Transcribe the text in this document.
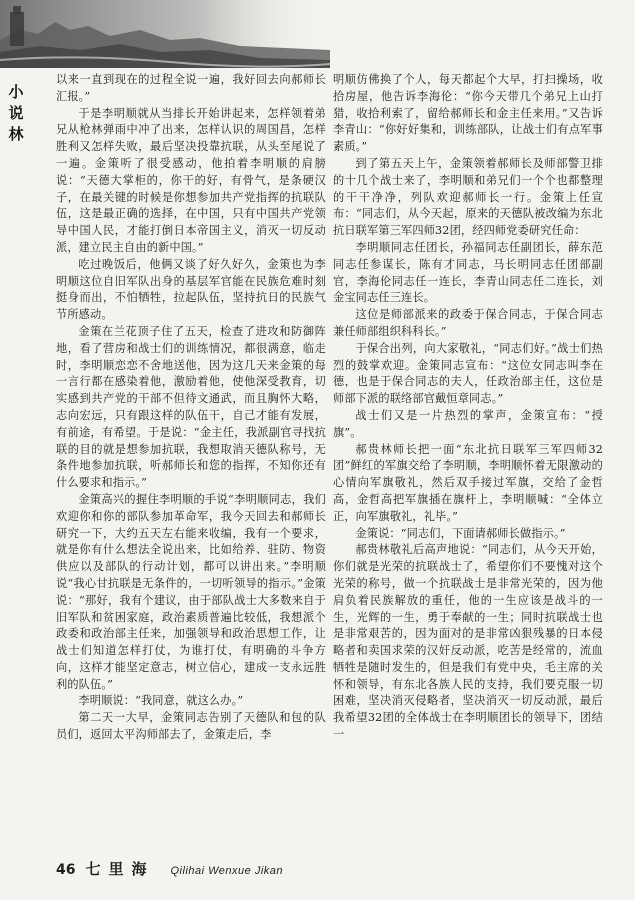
小
说
林

以来一直到现在的过程全说一遍，我好回去向郝师长汇报。”

于是李明顺就从当排长开始讲起来，怎样领着弟兄从枪林弹雨中冲了出来，怎样认识的周国昌，怎样胜利又怎样失败，最后坚决投靠抗联，从头至尾说了一遍。金策听了很受感动，他拍着李明顺的肩膀说：“天德大掌柜的，你干的好，有骨气，是条硬汉子，在最关键的时候是你想参加共产党指挥的抗联队伍，这是最正确的选择，在中国，只有中国共产党领导中国人民，才能打倒日本帝国主义，消灭一切反动派，建立民主自由的新中国。”

吃过晚饭后，他俩又谈了好久好久，金策也为李明顺这位自旧军队出身的基层军官能在民族危难时刻挺身而出，不怕牺牲，拉起队伍，坚持抗日的民族气节所感动。

金策在兰花顶子住了五天，检查了进攻和防御阵地，看了营房和战士们的训练情况，都很满意，临走时，李明顺恋恋不舍地送他，因为这几天来金策的每一言行都在感染着他，激励着他，使他深受教育，切实感到共产党的干部不但待文通武，而且胸怀大略，志向宏远，只有跟这样的队伍干，自己才能有发展，有前途，有希望。于是说：“金主任，我派副官寻找抗联的目的就是想参加抗联，我想取消天德队称号，无条件地参加抗联，听郝师长和您的指挥，不知你还有什么要求和指示。”

金策高兴的握住李明顺的手说“李明顺同志，我们欢迎你和你的部队参加革命军，我今天回去和郝师长研究一下，大约五天左右能来收编，我有一个要求，就是你有什么想法全说出来，比如给养、驻防、物资供应以及部队的行动计划，都可以讲出来。”李明顺说“我心甘抗联是无条件的，一切听领导的指示。”金策说：“那好，我有个建议，由于部队战士大多数来自于旧军队和贫困家庭，政治素质普遍比较低，我想派个政委和政治部主任来，加强领导和政治思想工作，让战士们知道怎样打仗，为谁打仗，有明确的斗争方向，这样才能坚定意志，树立信心，建成一支永远胜利的队伍。”

李明顺说：“我同意，就这么办。”

第二天一大早，金策同志告别了天德队和包的队员们，返回太平沟师部去了，金策走后，李

明顺仿佛换了个人，每天都起个大早，打扫操场，收拾房屋，他告诉李海伦：“你今天带几个弟兄上山打猎，收拾利索了，留给郝师长和金主任来用。”又告诉李青山：“你好好集和，训练部队，让战士们有点军事素质。”

到了第五天上午，金策领着郝师长及师部警卫排的十几个战士来了，李明顺和弟兄们一个个也都整理的干干净净，列队欢迎郝师长一行。金策上任宣布：“同志们，从今天起，原来的天德队被改编为东北抗日联军第三军四师32团，经四师党委研究任命：

李明顺同志任团长，孙福同志任副团长，薛东范同志任参谋长，陈有才同志，马长明同志任团部副官，李海伦同志任一连长，李青山同志任二连长，刘金宝同志任三连长。

这位是师部派来的政委于保合同志，于保合同志兼任师部组织科科长。”

于保合出列，向大家敬礼，“同志们好。”战士们热烈的鼓掌欢迎。金策同志宣布：“这位女同志叫李在德，也是于保合同志的夫人，任政治部主任，这位是师部下派的联络部官戴恒章同志。”

战士们又是一片热烈的掌声，金策宣布：“授旗”。

郝贵林师长把一面“东北抗日联军三军四师32团”鲜红的军旗交给了李明顺，李明顺怀着无限激动的心情向军旗敬礼，然后双手接过军旗，交给了金哲高，金哲高把军旗插在旗杆上，李明顺喊：“全体立正，向军旗敬礼，礼毕。”

金策说：“同志们，下面请郝师长做指示。”

郝贵林敬礼后高声地说：“同志们，从今天开始，你们就是光荣的抗联战士了，希望你们不要愧对这个光荣的称号，做一个抗联战士是非常光荣的，因为他肩负着民族解放的重任，他的一生应该是战斗的一生，光辉的一生，勇于奉献的一生；同时抗联战士也是非常艰苦的，因为面对的是非常凶狠残暴的日本侵略者和卖国求荣的汉奸反动派，吃苦是经常的，流血牺牲是随时发生的，但是我们有党中央，毛主席的关怀和领导，有东北各族人民的支持，我们要克服一切困难，坚决消灭侵略者，坚决消灭一切反动派，最后我希望32团的全体战士在李明顺团长的领导下，团结一

46 七里海 Qilihai Wenxue Jikan
